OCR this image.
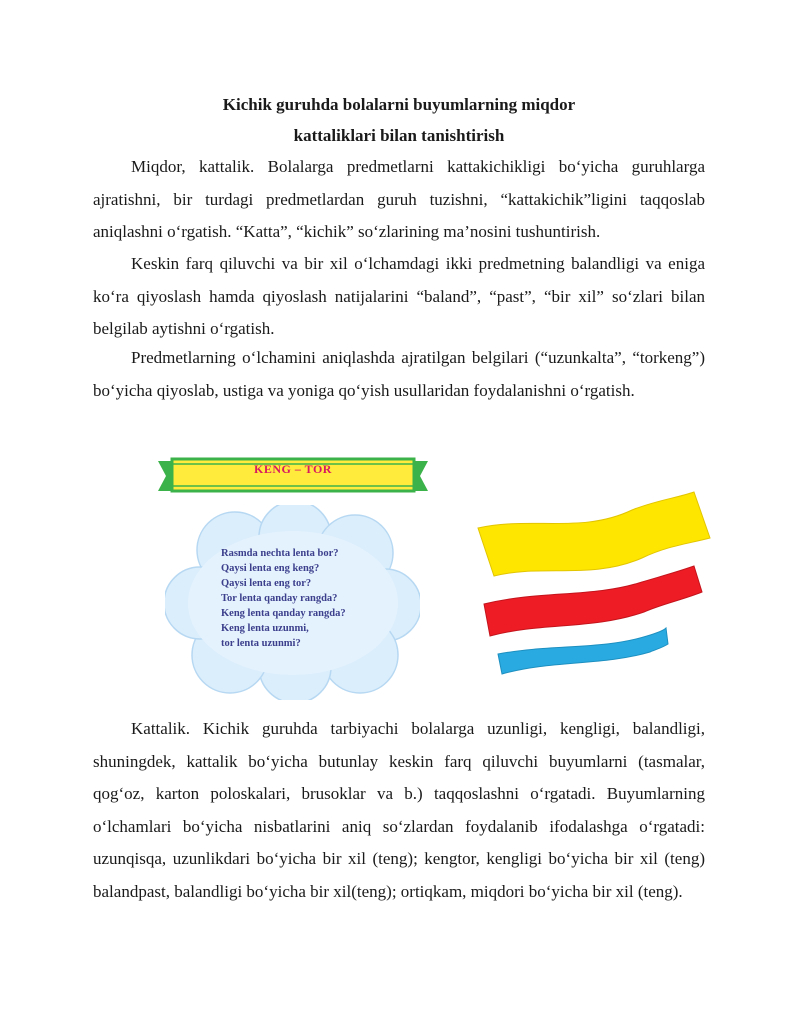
Kichik guruhda bolalarni buyumlarning miqdor
kattaliklari bilan tanishtirish

Miqdor, kattalik. Bolalarga predmetlarni kattakichikligi bo‘yicha guruhlarga ajratishni, bir turdagi predmetlardan guruh tuzishni, “kattakichik”ligini taqqoslab aniqlashni o‘rgatish. “Katta”, “kichik” so‘zlarining ma’nosini tushuntirish.

Keskin farq qiluvchi va bir xil o‘lchamdagi ikki predmetning balandligi va eniga ko‘ra qiyoslash hamda qiyoslash natijalarini “baland”, “past”, “bir xil” so‘zlari bilan belgilab aytishni o‘rgatish.

Predmetlarning o‘lchamini aniqlashda ajratilgan belgilari (“uzunkalta”, “torkeng”) bo‘yicha qiyoslab, ustiga va yoniga qo‘yish usullaridan foydalanishni o‘rgatish.

KENG – TOR
Rasmda nechta lenta bor?
Qaysi lenta eng keng?
Qaysi lenta eng tor?
Tor lenta qanday rangda?
Keng lenta qanday rangda?
Keng lenta uzunmi,
tor lenta uzunmi?

Kattalik. Kichik guruhda tarbiyachi bolalarga uzunligi, kengligi, balandligi, shuningdek, kattalik bo‘yicha butunlay keskin farq qiluvchi buyumlarni (tasmalar, qog‘oz, karton poloskalari, brusoklar va b.) taqqoslashni o‘rgatadi. Buyumlarning o‘lchamlari bo‘yicha nisbatlarini aniq so‘zlardan foydalanib ifodalashga o‘rgatadi: uzunqisqa, uzunlikdari bo‘yicha bir xil (teng); kengtor, kengligi bo‘yicha bir xil (teng) balandpast, balandligi bo‘yicha bir xil(teng); ortiqkam, miqdori bo‘yicha bir xil (teng).
